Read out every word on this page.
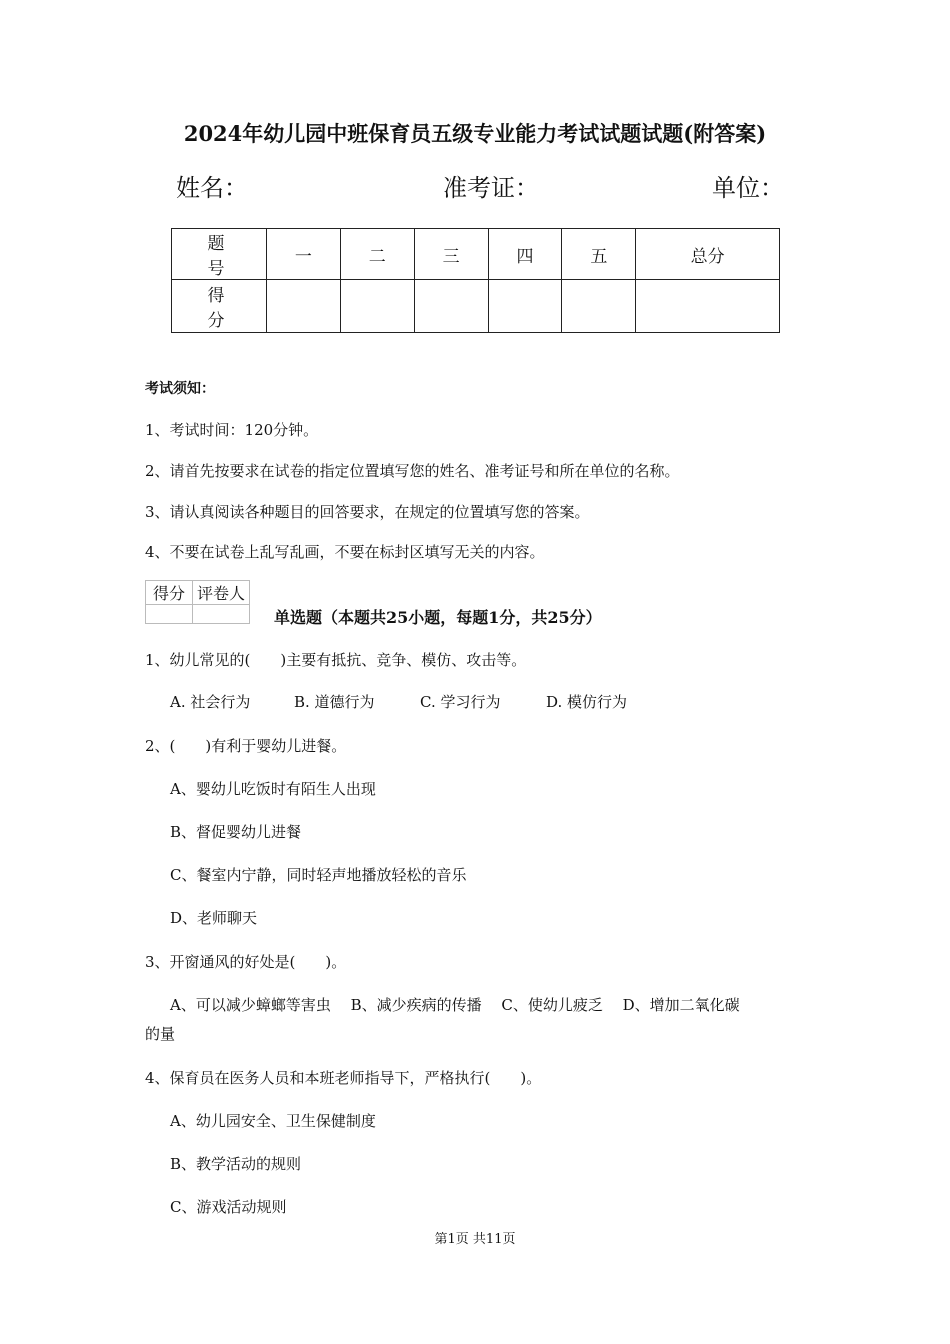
2024年幼儿园中班保育员五级专业能力考试试题试题(附答案)
姓名：	准考证：	单位：
题　号	一	二	三	四	五	总分
得　分						
考试须知：
1、考试时间：120分钟。
2、请首先按要求在试卷的指定位置填写您的姓名、准考证号和所在单位的名称。
3、请认真阅读各种题目的回答要求，在规定的位置填写您的答案。
4、不要在试卷上乱写乱画，不要在标封区填写无关的内容。
得分	评卷人

单选题（本题共25小题，每题1分，共25分）
1、幼儿常见的(　　)主要有抵抗、竞争、模仿、攻击等。
A. 社会行为	B. 道德行为	C. 学习行为	D. 模仿行为
2、(　　)有利于婴幼儿进餐。
A、婴幼儿吃饭时有陌生人出现
B、督促婴幼儿进餐
C、餐室内宁静，同时轻声地播放轻松的音乐
D、老师聊天
3、开窗通风的好处是(　　)。
A、可以减少蟑螂等害虫　 B、减少疾病的传播　 C、使幼儿疲乏　 D、增加二氧化碳
的量
4、保育员在医务人员和本班老师指导下，严格执行(　　)。
A、幼儿园安全、卫生保健制度
B、教学活动的规则
C、游戏活动规则
第1页 共11页
